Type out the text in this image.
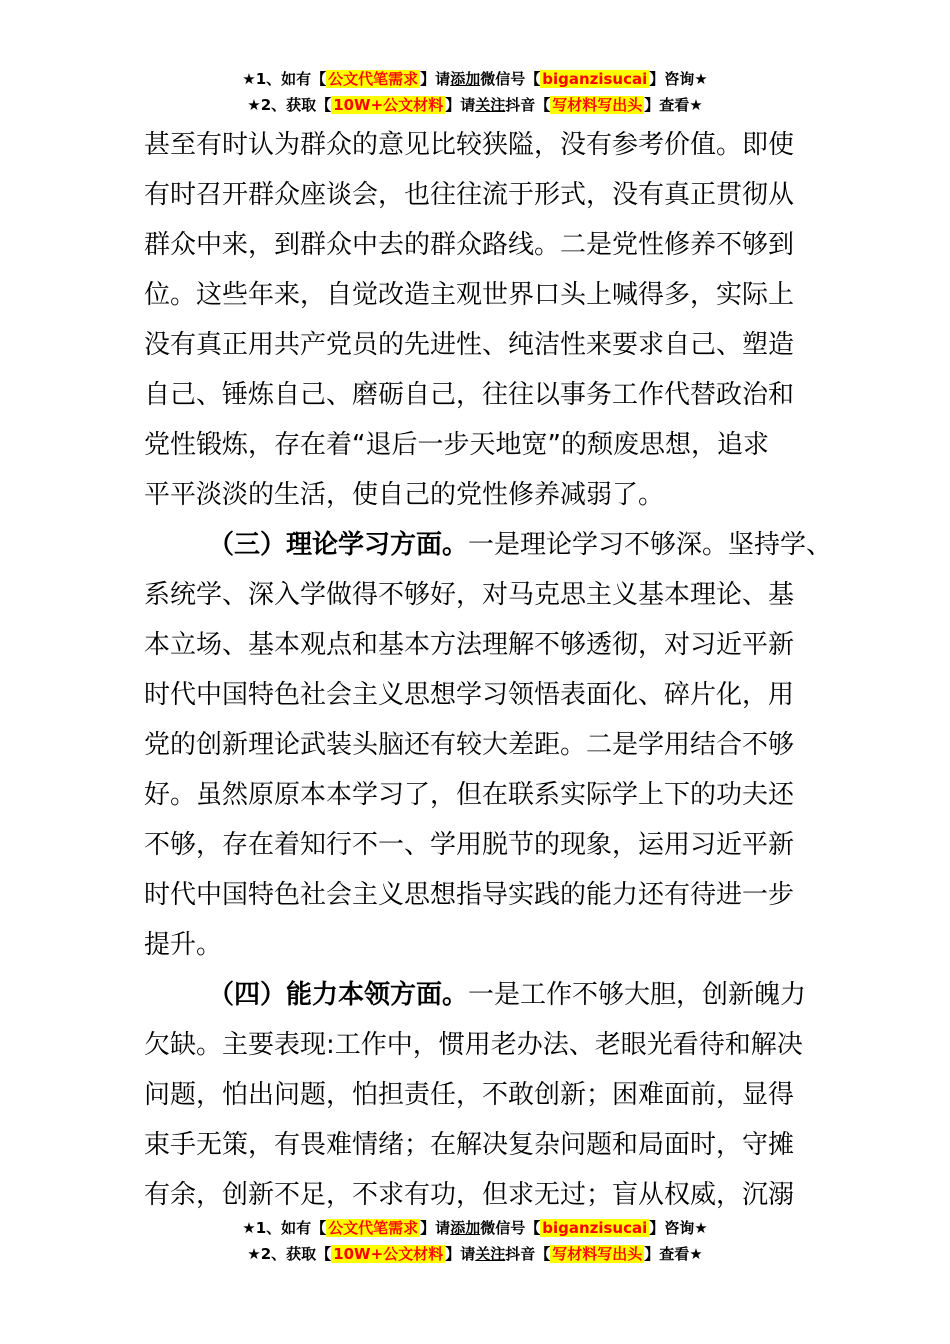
★1、如有【 公文代笔需求 】请添加微信号【 biganzisucai 】咨询★
★2、获取【 10W+公文材料 】请关注抖音【 写材料写出头 】查看★
甚至有时认为群众的意见比较狭隘，没有参考价值。即使
有时召开群众座谈会，也往往流于形式，没有真正贯彻从
群众中来，到群众中去的群众路线。二是党性修养不够到
位。这些年来，自觉改造主观世界口头上喊得多，实际上
没有真正用共产党员的先进性、纯洁性来要求自己、塑造
自己、锤炼自己、磨砺自己，往往以事务工作代替政治和
党性锻炼，存在着“退后一步天地宽”的颓废思想，追求
平平淡淡的生活，使自己的党性修养减弱了。
（三）理论学习方面。一是理论学习不够深。坚持学、
系统学、深入学做得不够好，对马克思主义基本理论、基
本立场、基本观点和基本方法理解不够透彻，对习近平新
时代中国特色社会主义思想学习领悟表面化、碎片化，用
党的创新理论武装头脑还有较大差距。二是学用结合不够
好。虽然原原本本学习了，但在联系实际学上下的功夫还
不够，存在着知行不一、学用脱节的现象，运用习近平新
时代中国特色社会主义思想指导实践的能力还有待进一步
提升。
（四）能力本领方面。一是工作不够大胆，创新魄力
欠缺。主要表现:工作中，惯用老办法、老眼光看待和解决
问题，怕出问题，怕担责任，不敢创新；困难面前，显得
束手无策，有畏难情绪；在解决复杂问题和局面时，守摊
有余，创新不足，不求有功，但求无过；盲从权威，沉溺
★1、如有【 公文代笔需求 】请添加微信号【 biganzisucai 】咨询★
★2、获取【 10W+公文材料 】请关注抖音【 写材料写出头 】查看★
